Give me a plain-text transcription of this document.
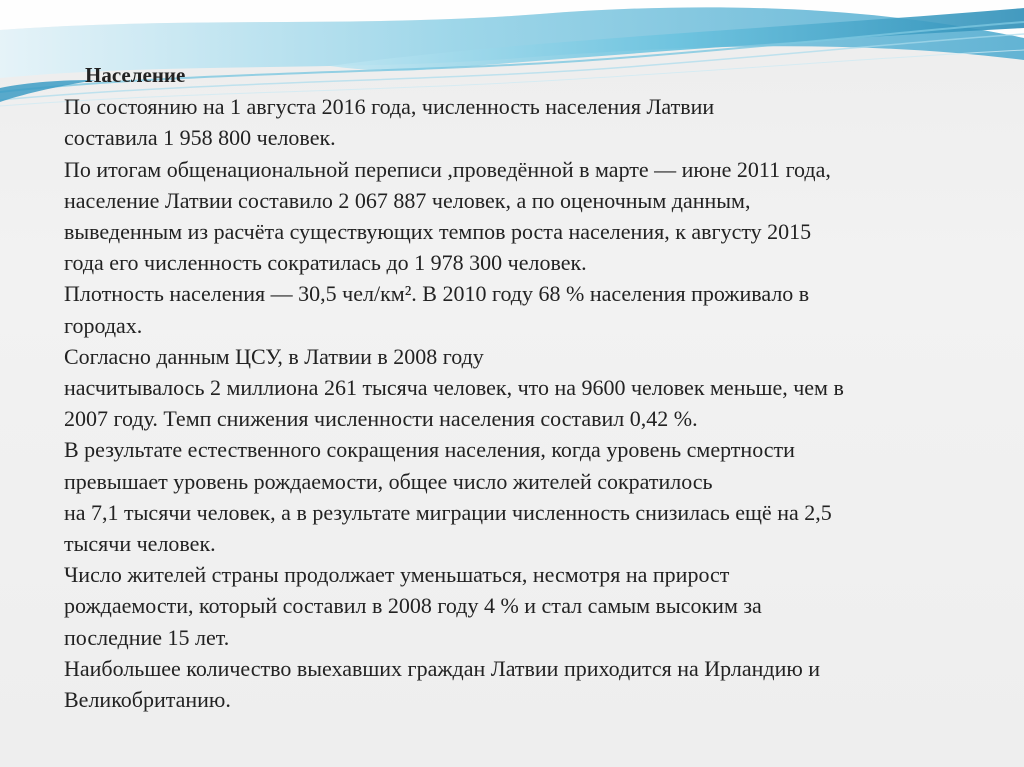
Население

По состоянию на 1 августа 2016 года, численность населения Латвии
составила 1 958 800 человек.
По итогам общенациональной переписи ,проведённой в марте — июне 2011 года,
население Латвии составило 2 067 887 человек, а по оценочным данным,
выведенным из расчёта существующих темпов роста населения, к августу 2015
года его численность сократилась до 1 978 300 человек.
Плотность населения — 30,5 чел/км². В 2010 году 68 % населения проживало в
городах.
Согласно данным ЦСУ, в Латвии в 2008 году
насчитывалось 2 миллиона 261 тысяча человек, что на 9600 человек меньше, чем в
2007 году. Темп снижения численности населения составил 0,42 %.
В результате естественного сокращения населения, когда уровень смертности
превышает уровень рождаемости, общее число жителей сократилось
на 7,1 тысячи человек, а в результате миграции численность снизилась ещё на 2,5
тысячи человек.
Число жителей страны продолжает уменьшаться, несмотря на прирост
рождаемости, который составил в 2008 году 4 % и стал самым высоким за
последние 15 лет.
Наибольшее количество выехавших граждан Латвии приходится на Ирландию и
Великобританию.
